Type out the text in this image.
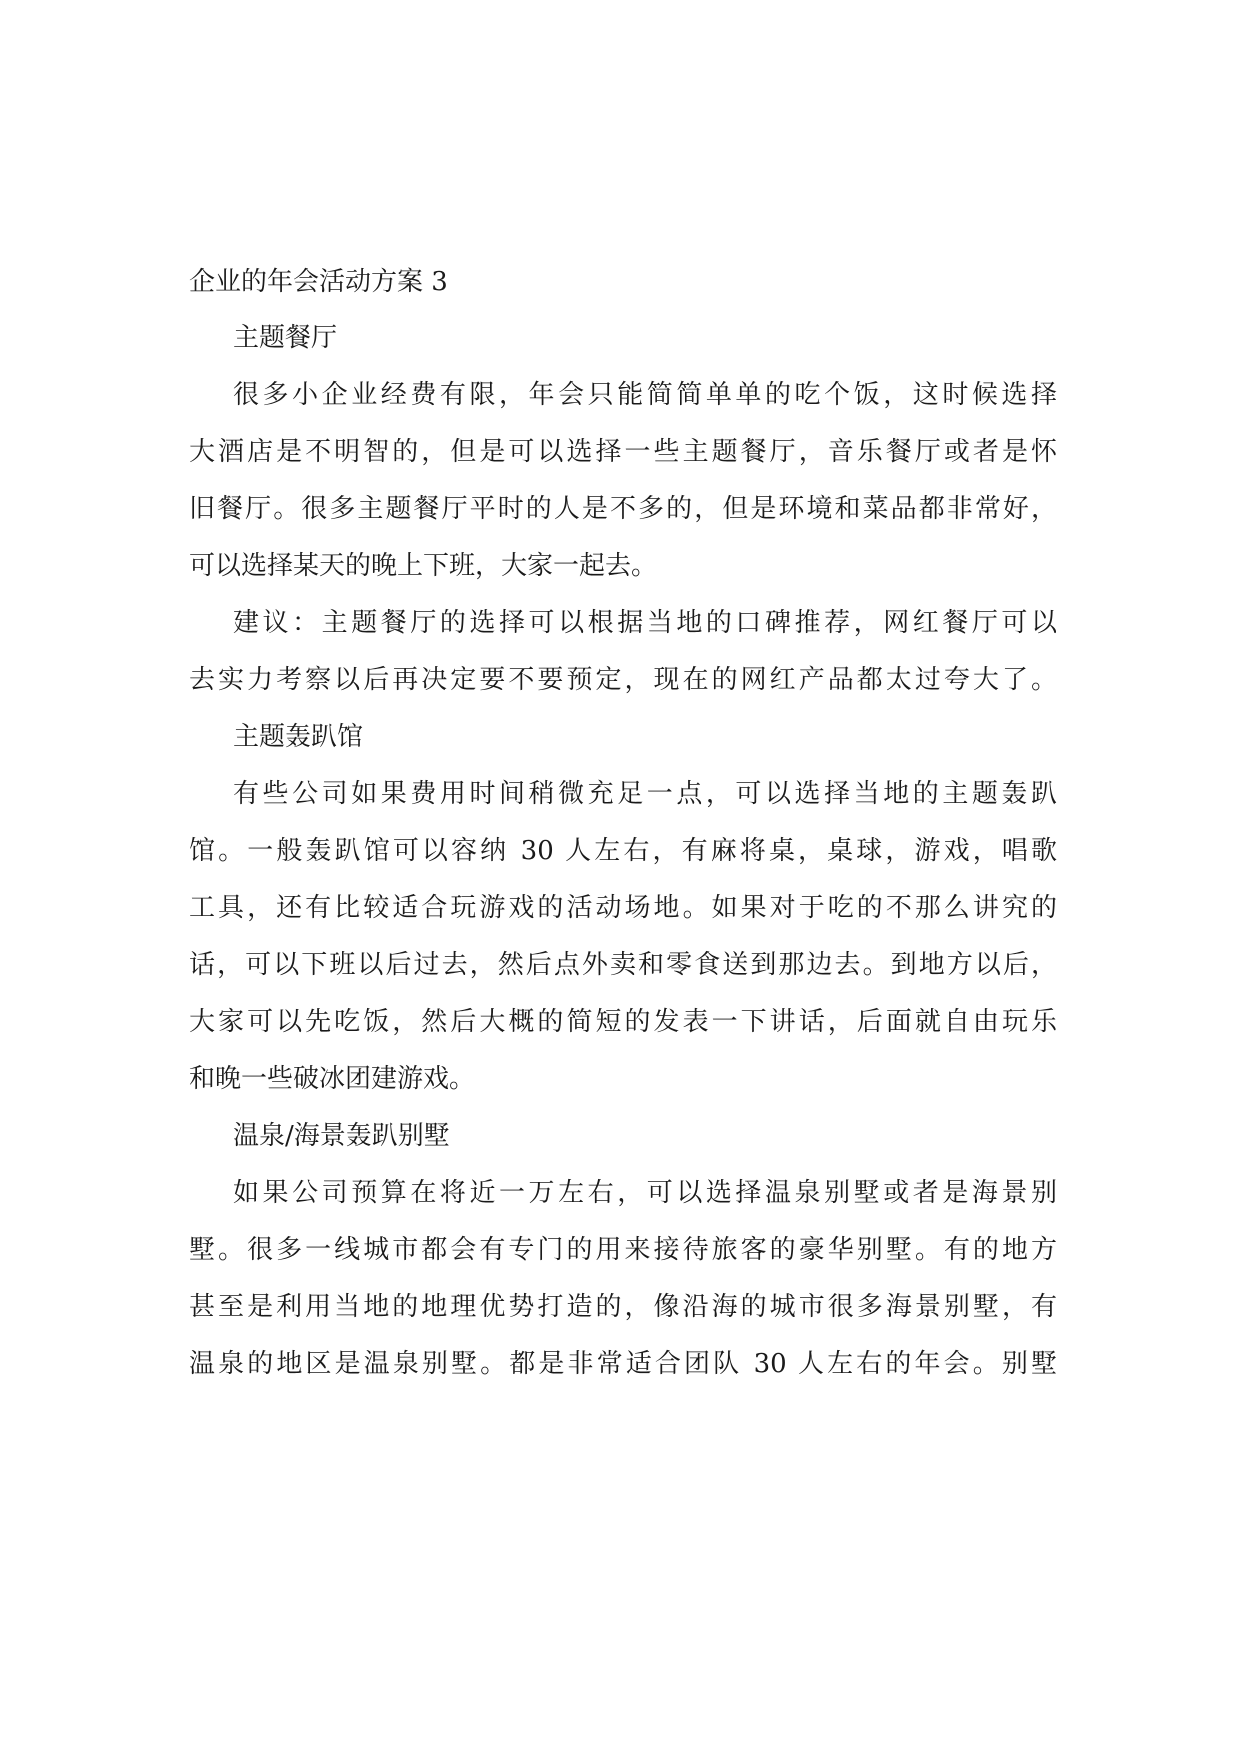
企业的年会活动方案 3

主题餐厅

很多小企业经费有限，年会只能简简单单的吃个饭，这时候选择

大酒店是不明智的，但是可以选择一些主题餐厅，音乐餐厅或者是怀

旧餐厅。很多主题餐厅平时的人是不多的，但是环境和菜品都非常好，

可以选择某天的晚上下班，大家一起去。

建议：主题餐厅的选择可以根据当地的口碑推荐，网红餐厅可以

去实力考察以后再决定要不要预定，现在的网红产品都太过夸大了。

主题轰趴馆

有些公司如果费用时间稍微充足一点，可以选择当地的主题轰趴

馆。一般轰趴馆可以容纳 30 人左右，有麻将桌，桌球，游戏，唱歌

工具，还有比较适合玩游戏的活动场地。如果对于吃的不那么讲究的

话，可以下班以后过去，然后点外卖和零食送到那边去。到地方以后，

大家可以先吃饭，然后大概的简短的发表一下讲话，后面就自由玩乐

和晚一些破冰团建游戏。

温泉/海景轰趴别墅

如果公司预算在将近一万左右，可以选择温泉别墅或者是海景别

墅。很多一线城市都会有专门的用来接待旅客的豪华别墅。有的地方

甚至是利用当地的地理优势打造的，像沿海的城市很多海景别墅，有

温泉的地区是温泉别墅。都是非常适合团队 30 人左右的年会。别墅
